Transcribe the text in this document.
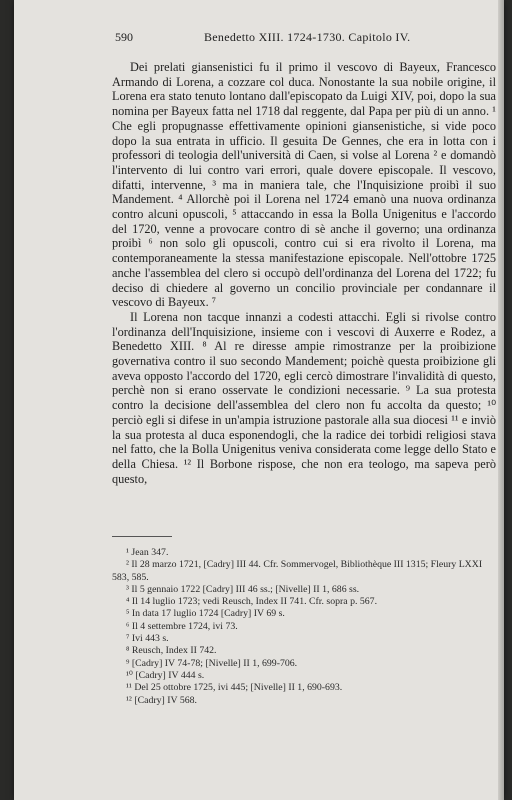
590	Benedetto XIII. 1724-1730. Capitolo IV.

Dei prelati giansenistici fu il primo il vescovo di Bayeux, Francesco Armando di Lorena, a cozzare col duca. Nonostante la sua nobile origine, il Lorena era stato tenuto lontano dall'episcopato da Luigi XIV, poi, dopo la sua nomina per Bayeux fatta nel 1718 dal reggente, dal Papa per più di un anno. ¹ Che egli propugnasse effettivamente opinioni giansenistiche, si vide poco dopo la sua entrata in ufficio. Il gesuita De Gennes, che era in lotta con i professori di teologia dell'università di Caen, si volse al Lorena ² e domandò l'intervento di lui contro vari errori, quale dovere episcopale. Il vescovo, difatti, intervenne, ³ ma in maniera tale, che l'Inquisizione proibì il suo Mandement. ⁴ Allorchè poi il Lorena nel 1724 emanò una nuova ordinanza contro alcuni opuscoli, ⁵ attaccando in essa la Bolla Unigenitus e l'accordo del 1720, venne a provocare contro di sè anche il governo; una ordinanza proibì ⁶ non solo gli opuscoli, contro cui si era rivolto il Lorena, ma contemporaneamente la stessa manifestazione episcopale. Nell'ottobre 1725 anche l'assemblea del clero si occupò dell'ordinanza del Lorena del 1722; fu deciso di chiedere al governo un concilio provinciale per condannare il vescovo di Bayeux. ⁷

Il Lorena non tacque innanzi a codesti attacchi. Egli si rivolse contro l'ordinanza dell'Inquisizione, insieme con i vescovi di Auxerre e Rodez, a Benedetto XIII. ⁸ Al re diresse ampie rimostranze per la proibizione governativa contro il suo secondo Mandement; poichè questa proibizione gli aveva opposto l'accordo del 1720, egli cercò dimostrare l'invalidità di questo, perchè non si erano osservate le condizioni necessarie. ⁹ La sua protesta contro la decisione dell'assemblea del clero non fu accolta da questo; ¹⁰ perciò egli si difese in un'ampia istruzione pastorale alla sua diocesi ¹¹ e inviò la sua protesta al duca esponendogli, che la radice dei torbidi religiosi stava nel fatto, che la Bolla Unigenitus veniva considerata come legge dello Stato e della Chiesa. ¹² Il Borbone rispose, che non era teologo, ma sapeva però questo,

¹ Jean 347.

² Il 28 marzo 1721, [Cadry] III 44. Cfr. Sommervogel, Bibliothèque III 1315; Fleury LXXI 583, 585.

³ Il 5 gennaio 1722 [Cadry] III 46 ss.; [Nivelle] II 1, 686 ss.

⁴ Il 14 luglio 1723; vedi Reusch, Index II 741. Cfr. sopra p. 567.

⁵ In data 17 luglio 1724 [Cadry] IV 69 s.

⁶ Il 4 settembre 1724, ivi 73.

⁷ Ivi 443 s.

⁸ Reusch, Index II 742.

⁹ [Cadry] IV 74-78; [Nivelle] II 1, 699-706.

¹⁰ [Cadry] IV 444 s.

¹¹ Del 25 ottobre 1725, ivi 445; [Nivelle] II 1, 690-693.

¹² [Cadry] IV 568.
